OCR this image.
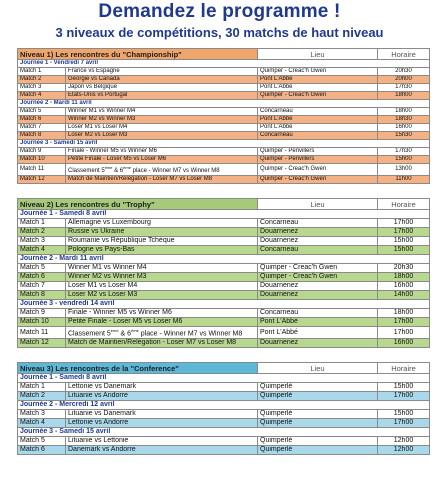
Demandez le programme !
3 niveaux de compétitions, 30 matchs de haut niveau
Niveau 1) Les rencontres du "Championship"		Lieu	Horaire
Journée 1 - Vendredi 7 avril			
Match 1	France vs Espagne	Quimper - Creac'h Gwen	20h30
Match 2	Géorgie vs Canada	Pont L'Abbé	20h00
Match 3	Japon vs Belgique	Pont L'Abbé	17h30
Match 4	Etats-Unis vs Portugal	Quimper - Creac'h Gwen	18h00
Journée 2 - Mardi 11 avril			
Match 5	Winner M1 vs Winner M4	Concarneau	18h00
Match 6	Winner M2 vs Winner M3	Pont L'Abbé	18h30
Match 7	Loser M1 vs Loser M4	Pont L'Abbé	16h00
Match 8	Loser M2 vs Loser M3	Concarneau	15h30
Journée 3 - Samedi 15 avril			
Match 9	Finale - Winner M5 vs Winner M6	Quimper - Penvillers	17h30
Match 10	Petite Finale - Loser M5 vs Loser M6	Quimper - Penvillers	15h00
Match 11	Classement 5ème & 6ème place - Winner M7 vs Winner M8	Quimper - Creac'h Gwen	13h00
Match 12	Match de Maintien/Relégation - Loser M7 vs Loser M8	Quimper - Creac'h Gwen	11h00
Niveau 2) Les rencontres du "Trophy"		Lieu	Horaire
Journée 1 - Samedi 8 avril			
Match 1	Allemagne vs Luxembourg	Concarneau	17h00
Match 2	Russie vs Ukraine	Douarnenez	17h00
Match 3	Roumanie vs République Tchèque	Douarnenez	15h00
Match 4	Pologne vs Pays-Bas	Concarneau	15h00
Journée 2 - Mardi 11 avril			
Match 5	Winner M1 vs Winner M4	Quimper - Creac'h Gwen	20h30
Match 6	Winner M2 vs Winner M3	Quimper - Creac'h Gwen	18h00
Match 7	Loser M1 vs Loser M4	Douarnenez	16h00
Match 8	Loser M2 vs Loser M3	Douarnenez	14h00
Journée 3 - vendredi 14 avril			
Match 9	Finale - Winner M5 vs Winner M6	Concarneau	18h00
Match 10	Petite Finale - Loser M5 vs Loser M6	Pont L'Abbé	17h00
Match 11	Classement 5ème & 6ème place - Winner M7 vs Winner M8	Pont L'Abbé	17h00
Match 12	Match de Maintien/Relégation - Loser M7 vs Loser M8	Douarnenez	16h00
Niveau 3) Les rencontres de la "Conference"		Lieu	Horaire
Journée 1 - Samedi 8 avril			
Match 1	Lettonie vs Danemark	Quimperlé	15h00
Match 2	Lituanie vs Andorre	Quimperlé	17h00
Journée 2 - Mercredi 12 avril			
Match 3	Lituanie vs Danemark	Quimperlé	15h00
Match 4	Lettonie vs Andorre	Quimperlé	17h00
Journée 3 - Samedi 15 avril			
Match 5	Lituanie vs Lettonie	Quimperlé	12h00
Match 6	Danemark vs Andorre	Quimperlé	12h00
